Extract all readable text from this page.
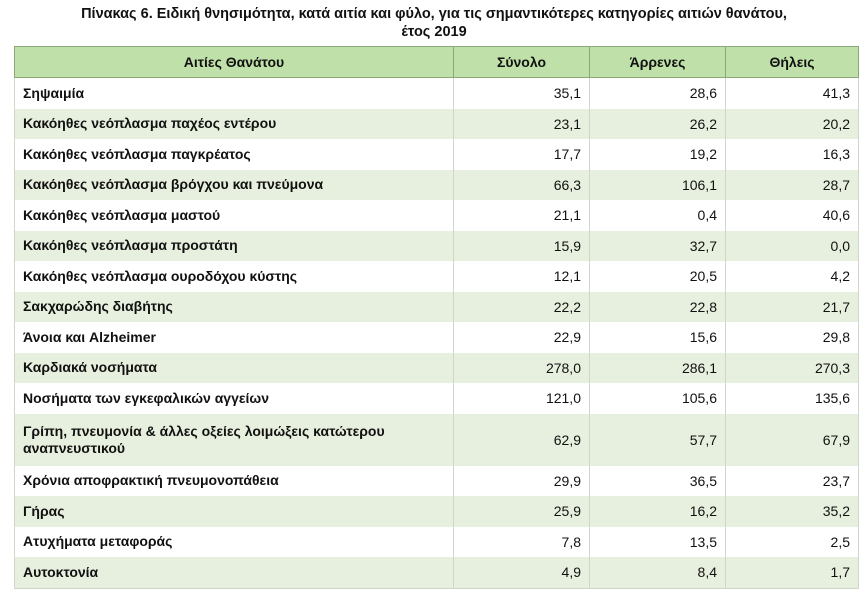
Πίνακας 6. Ειδική θνησιμότητα, κατά αιτία και φύλο, για τις σημαντικότερες κατηγορίες αιτιών θανάτου,
έτος 2019
Αιτίες Θανάτου	Σύνολο	Άρρενες	Θήλεις
Σηψαιμία	35,1	28,6	41,3
Κακόηθες νεόπλασμα παχέος εντέρου	23,1	26,2	20,2
Κακόηθες νεόπλασμα παγκρέατος	17,7	19,2	16,3
Κακόηθες νεόπλασμα βρόγχου και πνεύμονα	66,3	106,1	28,7
Κακόηθες νεόπλασμα μαστού	21,1	0,4	40,6
Κακόηθες νεόπλασμα προστάτη	15,9	32,7	0,0
Κακόηθες νεόπλασμα ουροδόχου κύστης	12,1	20,5	4,2
Σακχαρώδης διαβήτης	22,2	22,8	21,7
Άνοια και Alzheimer	22,9	15,6	29,8
Καρδιακά νοσήματα	278,0	286,1	270,3
Νοσήματα των εγκεφαλικών αγγείων	121,0	105,6	135,6
Γρίπη, πνευμονία & άλλες οξείες λοιμώξεις κατώτερου αναπνευστικού	62,9	57,7	67,9
Χρόνια αποφρακτική πνευμονοπάθεια	29,9	36,5	23,7
Γήρας	25,9	16,2	35,2
Ατυχήματα μεταφοράς	7,8	13,5	2,5
Αυτοκτονία	4,9	8,4	1,7
